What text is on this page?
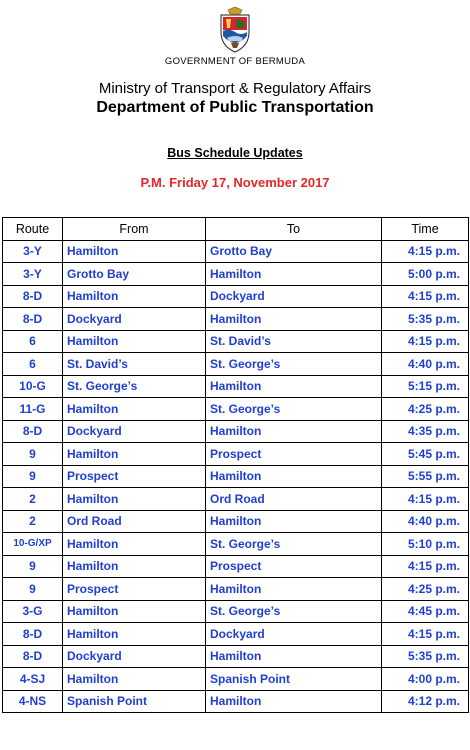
GOVERNMENT OF BERMUDA
Ministry of Transport & Regulatory Affairs
Department of Public Transportation
Bus Schedule Updates
P.M. Friday 17, November 2017
Route	From	To	Time
3-Y	Hamilton	Grotto Bay	4:15 p.m.
3-Y	Grotto Bay	Hamilton	5:00 p.m.
8-D	Hamilton	Dockyard	4:15 p.m.
8-D	Dockyard	Hamilton	5:35 p.m.
6	Hamilton	St. David’s	4:15 p.m.
6	St. David’s	St. George’s	4:40 p.m.
10-G	St. George’s	Hamilton	5:15 p.m.
11-G	Hamilton	St. George’s	4:25 p.m.
8-D	Dockyard	Hamilton	4:35 p.m.
9	Hamilton	Prospect	5:45 p.m.
9	Prospect	Hamilton	5:55 p.m.
2	Hamilton	Ord Road	4:15 p.m.
2	Ord Road	Hamilton	4:40 p.m.
10-G/XP	Hamilton	St. George’s	5:10 p.m.
9	Hamilton	Prospect	4:15 p.m.
9	Prospect	Hamilton	4:25 p.m.
3-G	Hamilton	St. George’s	4:45 p.m.
8-D	Hamilton	Dockyard	4:15 p.m.
8-D	Dockyard	Hamilton	5:35 p.m.
4-SJ	Hamilton	Spanish Point	4:00 p.m.
4-NS	Spanish Point	Hamilton	4:12 p.m.
